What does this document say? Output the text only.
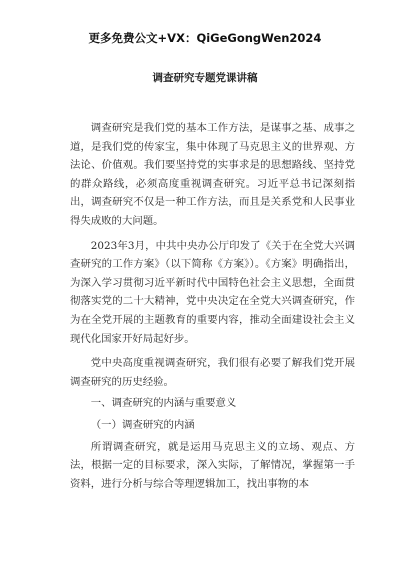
更多免费公文+VX：QiGeGongWen2024
调查研究专题党课讲稿

调查研究是我们党的基本工作方法，是谋事之基、成事之道，是我们党的传家宝，集中体现了马克思主义的世界观、方法论、价值观。我们要坚持党的实事求是的思想路线、坚持党的群众路线，必须高度重视调查研究。习近平总书记深刻指出，调查研究不仅是一种工作方法，而且是关系党和人民事业得失成败的大问题。

2023年3月，中共中央办公厅印发了《关于在全党大兴调查研究的工作方案》（以下简称《方案》）。《方案》明确指出，为深入学习贯彻习近平新时代中国特色社会主义思想，全面贯彻落实党的二十大精神，党中央决定在全党大兴调查研究，作为在全党开展的主题教育的重要内容，推动全面建设社会主义现代化国家开好局起好步。

党中央高度重视调查研究，我们很有必要了解我们党开展调查研究的历史经验。

一、调查研究的内涵与重要意义

（一）调查研究的内涵

所谓调查研究，就是运用马克思主义的立场、观点、方法，根据一定的目标要求，深入实际，了解情况，掌握第一手资料，进行分析与综合等理逻辑加工，找出事物的本
